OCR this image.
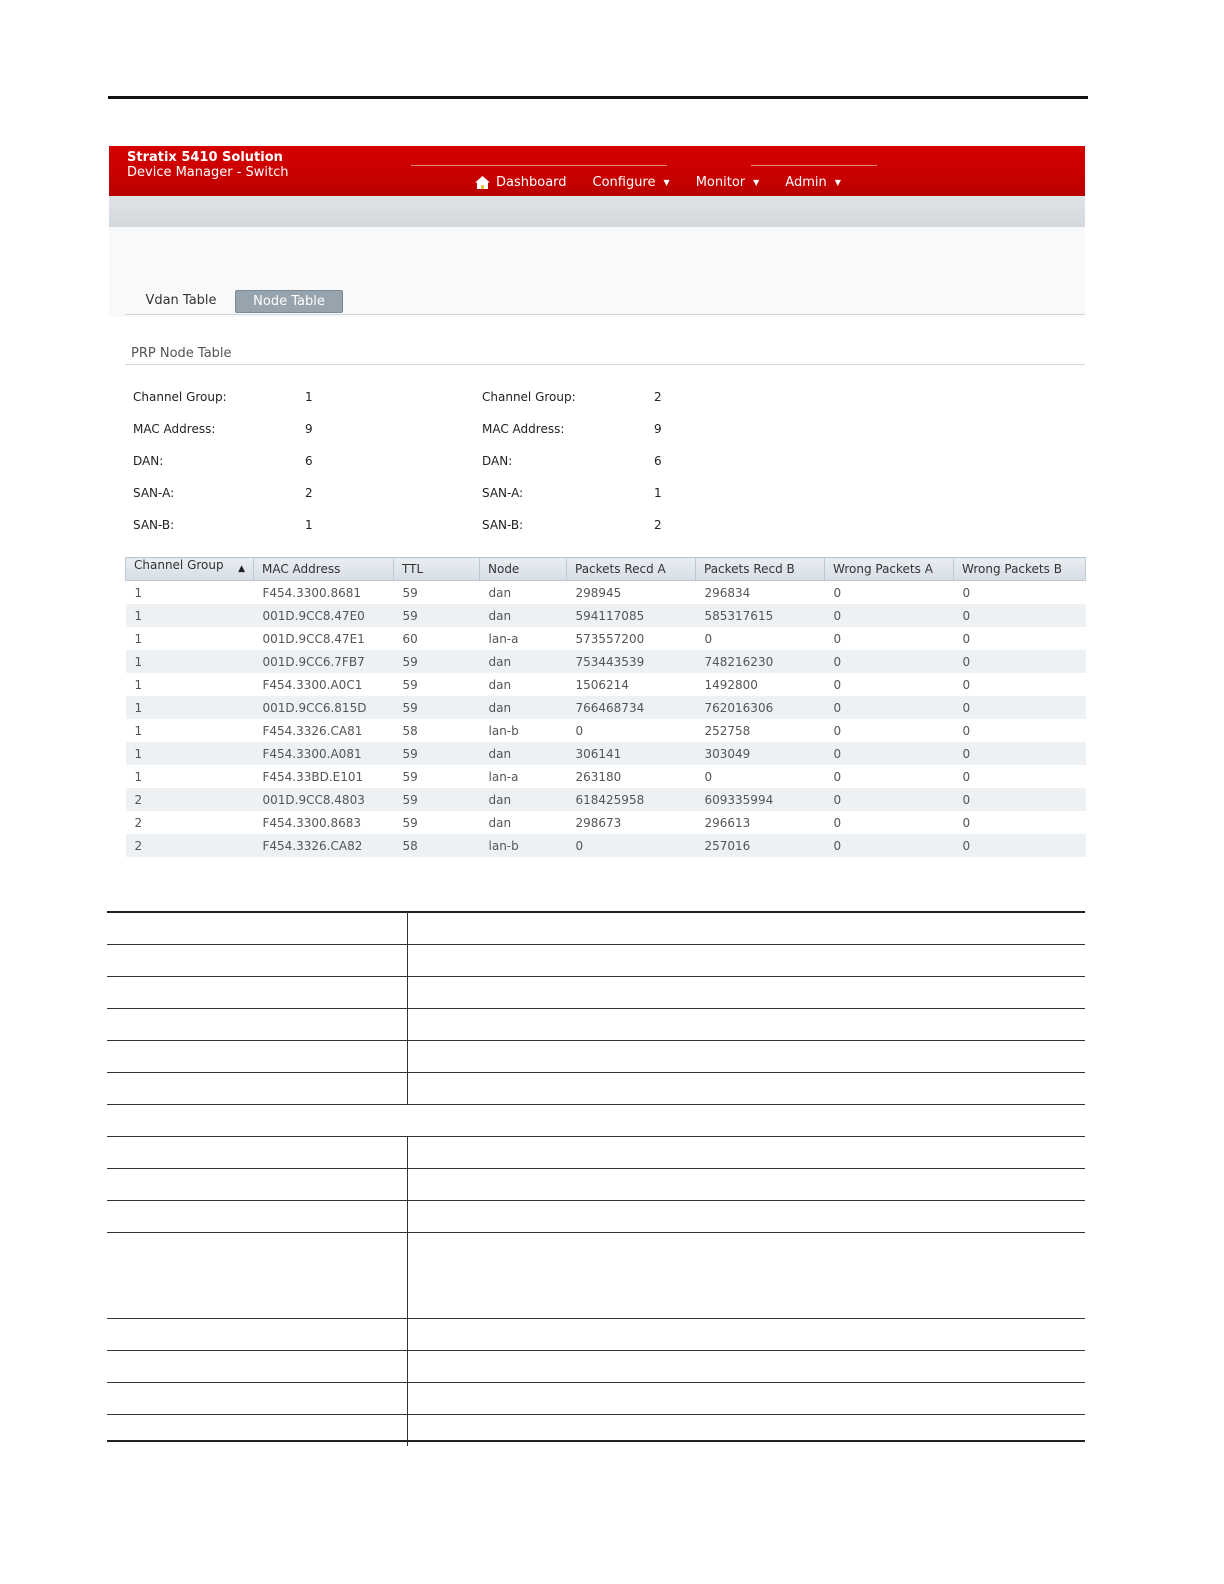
Stratix 5410 Solution
Device Manager - Switch
Dashboard Configure ▼ Monitor ▼ Admin ▼
Vdan Table	Node Table
PRP Node Table
Channel Group:	1
MAC Address:	9
DAN:	6
SAN-A:	2
SAN-B:	1
Channel Group:	2
MAC Address:	9
DAN:	6
SAN-A:	1
SAN-B:	2
Channel Group ▲	MAC Address	TTL	Node	Packets Recd A	Packets Recd B	Wrong Packets A	Wrong Packets B
1	F454.3300.8681	59	dan	298945	296834	0	0
1	001D.9CC8.47E0	59	dan	594117085	585317615	0	0
1	001D.9CC8.47E1	60	lan-a	573557200	0	0	0
1	001D.9CC6.7FB7	59	dan	753443539	748216230	0	0
1	F454.3300.A0C1	59	dan	1506214	1492800	0	0
1	001D.9CC6.815D	59	dan	766468734	762016306	0	0
1	F454.3326.CA81	58	lan-b	0	252758	0	0
1	F454.3300.A081	59	dan	306141	303049	0	0
1	F454.33BD.E101	59	lan-a	263180	0	0	0
2	001D.9CC8.4803	59	dan	618425958	609335994	0	0
2	F454.3300.8683	59	dan	298673	296613	0	0
2	F454.3326.CA82	58	lan-b	0	257016	0	0
